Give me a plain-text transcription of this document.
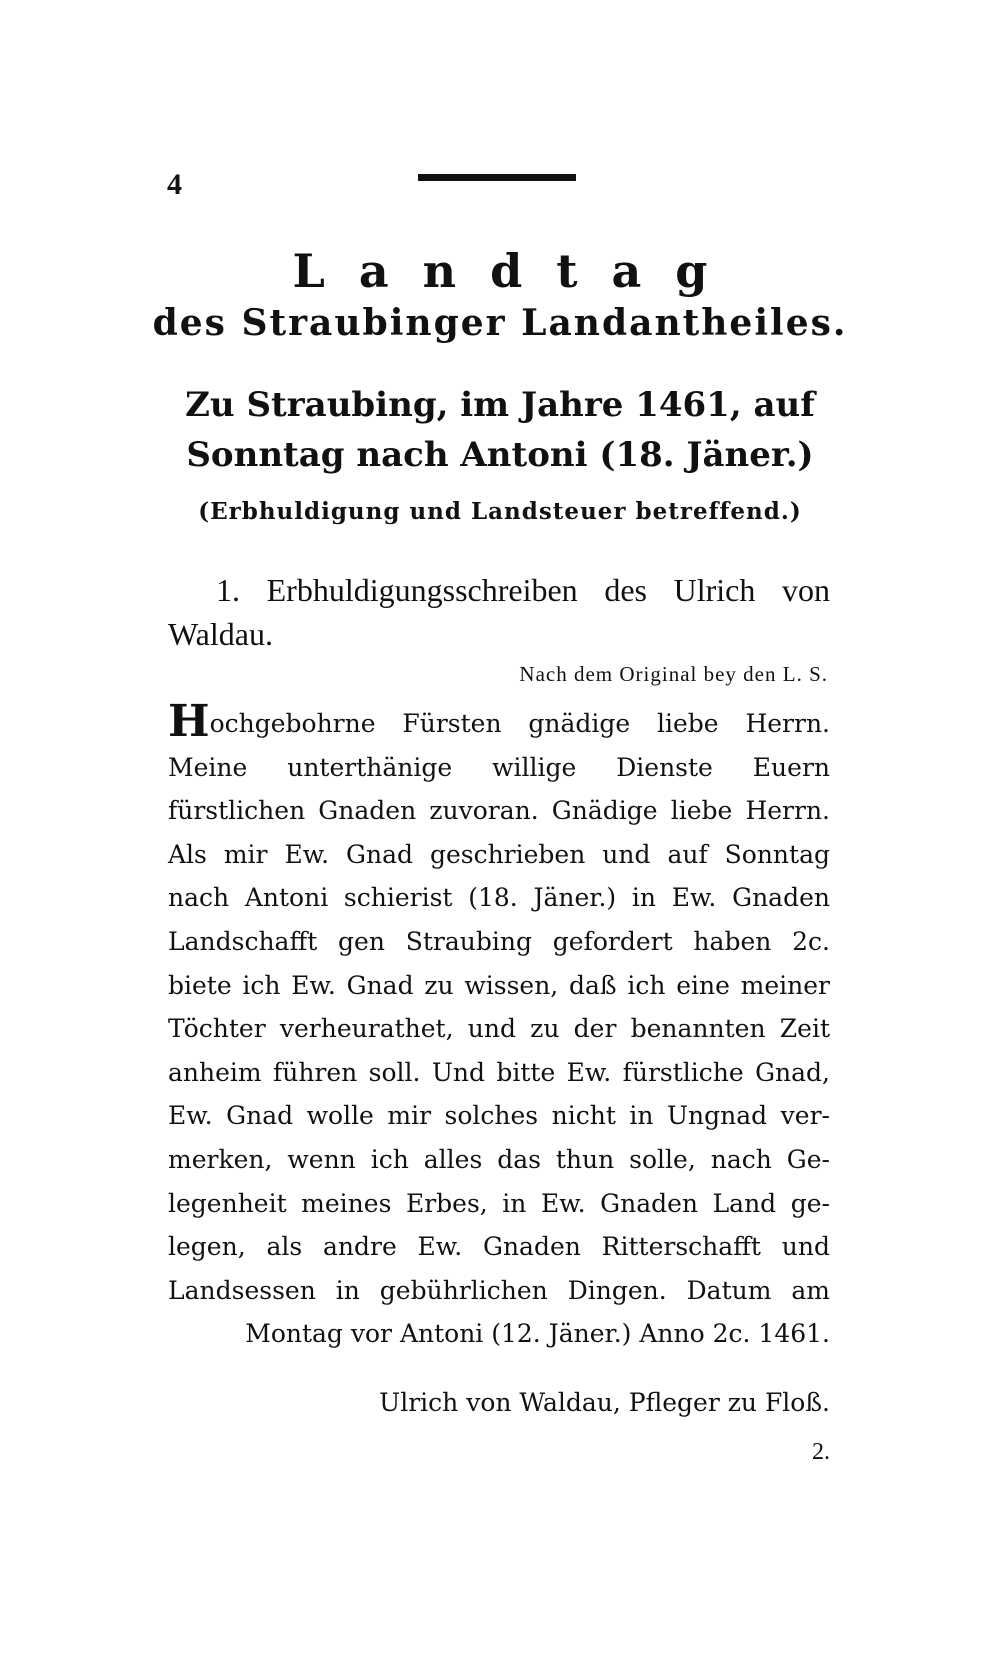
4
Landtag
des Straubinger Landantheiles.
Zu Straubing, im Jahre 1461, auf Sonntag nach Antoni (18. Jäner.)
(Erbhuldigung und Landsteuer betreffend.)
1. Erbhuldigungsschreiben des Ulrich von Waldau.
Nach dem Original bey den L. S.
Hochgebohrne Fürsten gnädige liebe Herrn. Meine unterthänige willige Dienste Euern fürstlichen Gnaden zuvoran. Gnädige liebe Herrn. Als mir Ew. Gnad geschrieben und auf Sonntag nach Antoni schierist (18. Jäner.) in Ew. Gnaden Landschafft gen Straubing gefordert haben 2c. biete ich Ew. Gnad zu wissen, daß ich eine meiner Töchter verheurathet, und zu der benannten Zeit anheim führen soll. Und bitte Ew. fürstliche Gnad, Ew. Gnad wolle mir solches nicht in Ungnad vermerken, wenn ich alles das thun solle, nach Gelegenheit meines Erbes, in Ew. Gnaden Land gelegen, als andre Ew. Gnaden Ritterschafft und Landsessen in gebührlichen Dingen. Datum am Montag vor Antoni (12. Jäner.) Anno 2c. 1461.
Ulrich von Waldau, Pfleger zu Floß.
2.
